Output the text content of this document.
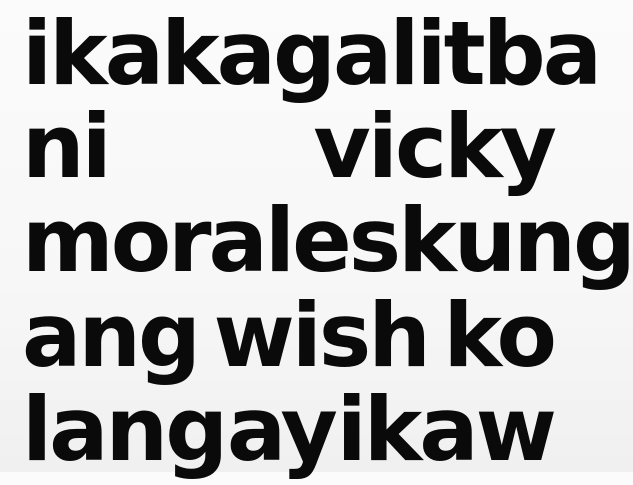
ikakagalit ba
ni vicky
morales kung
ang wish ko
lang ay ikaw
